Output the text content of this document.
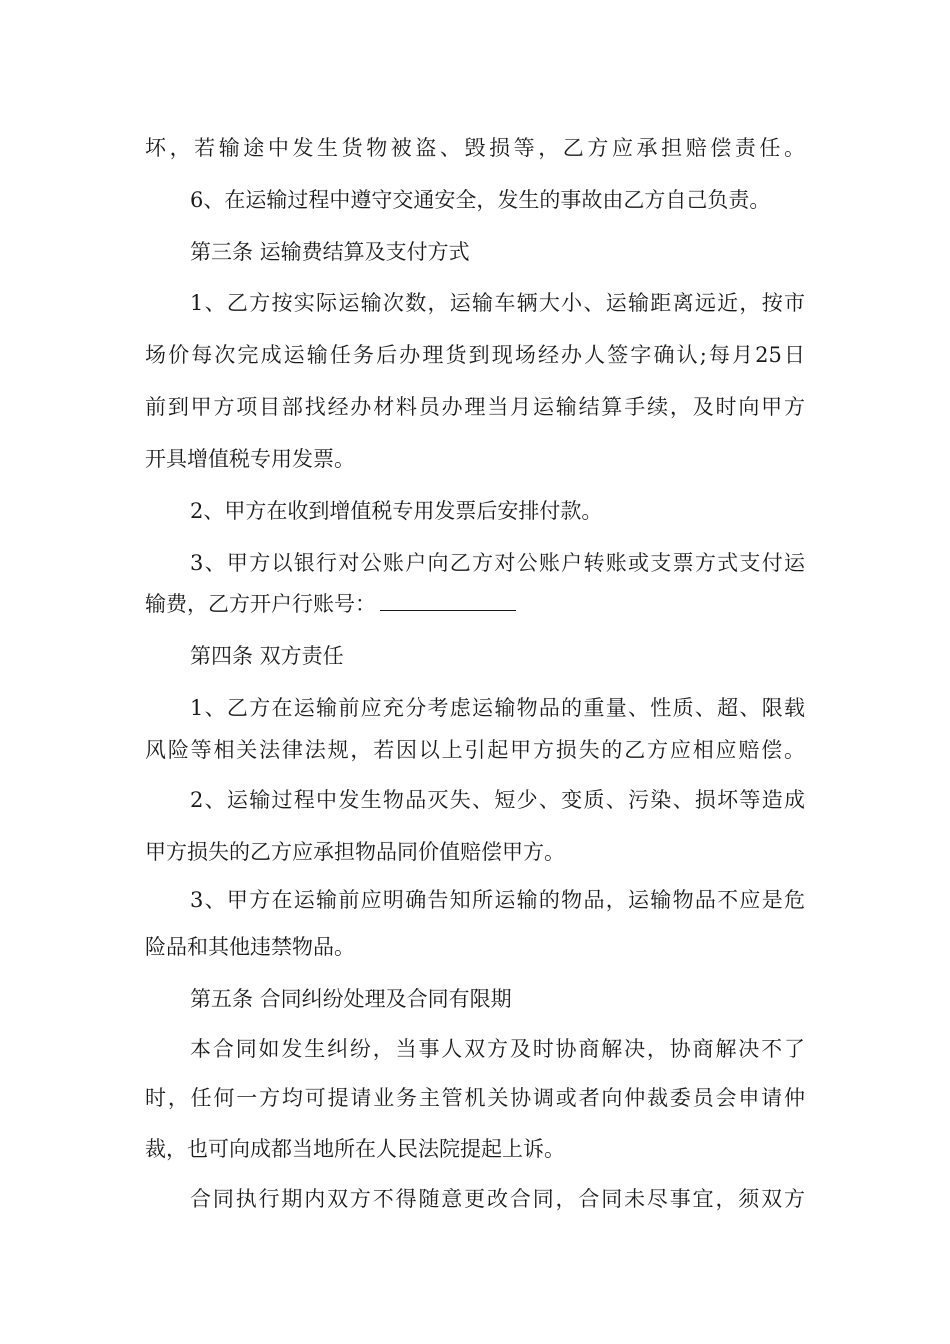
坏，若输途中发生货物被盗、毁损等，乙方应承担赔偿责任。
6、在运输过程中遵守交通安全，发生的事故由乙方自己负责。
第三条 运输费结算及支付方式
1、乙方按实际运输次数，运输车辆大小、运输距离远近，按市
场价每次完成运输任务后办理货到现场经办人签字确认;每月25日
前到甲方项目部找经办材料员办理当月运输结算手续，及时向甲方
开具增值税专用发票。
2、甲方在收到增值税专用发票后安排付款。
3、甲方以银行对公账户向乙方对公账户转账或支票方式支付运
输费，乙方开户行账号：
第四条 双方责任
1、乙方在运输前应充分考虑运输物品的重量、性质、超、限载
风险等相关法律法规，若因以上引起甲方损失的乙方应相应赔偿。
2、运输过程中发生物品灭失、短少、变质、污染、损坏等造成
甲方损失的乙方应承担物品同价值赔偿甲方。
3、甲方在运输前应明确告知所运输的物品，运输物品不应是危
险品和其他违禁物品。
第五条 合同纠纷处理及合同有限期
本合同如发生纠纷，当事人双方及时协商解决，协商解决不了
时，任何一方均可提请业务主管机关协调或者向仲裁委员会申请仲
裁，也可向成都当地所在人民法院提起上诉。
合同执行期内双方不得随意更改合同，合同未尽事宜，须双方
